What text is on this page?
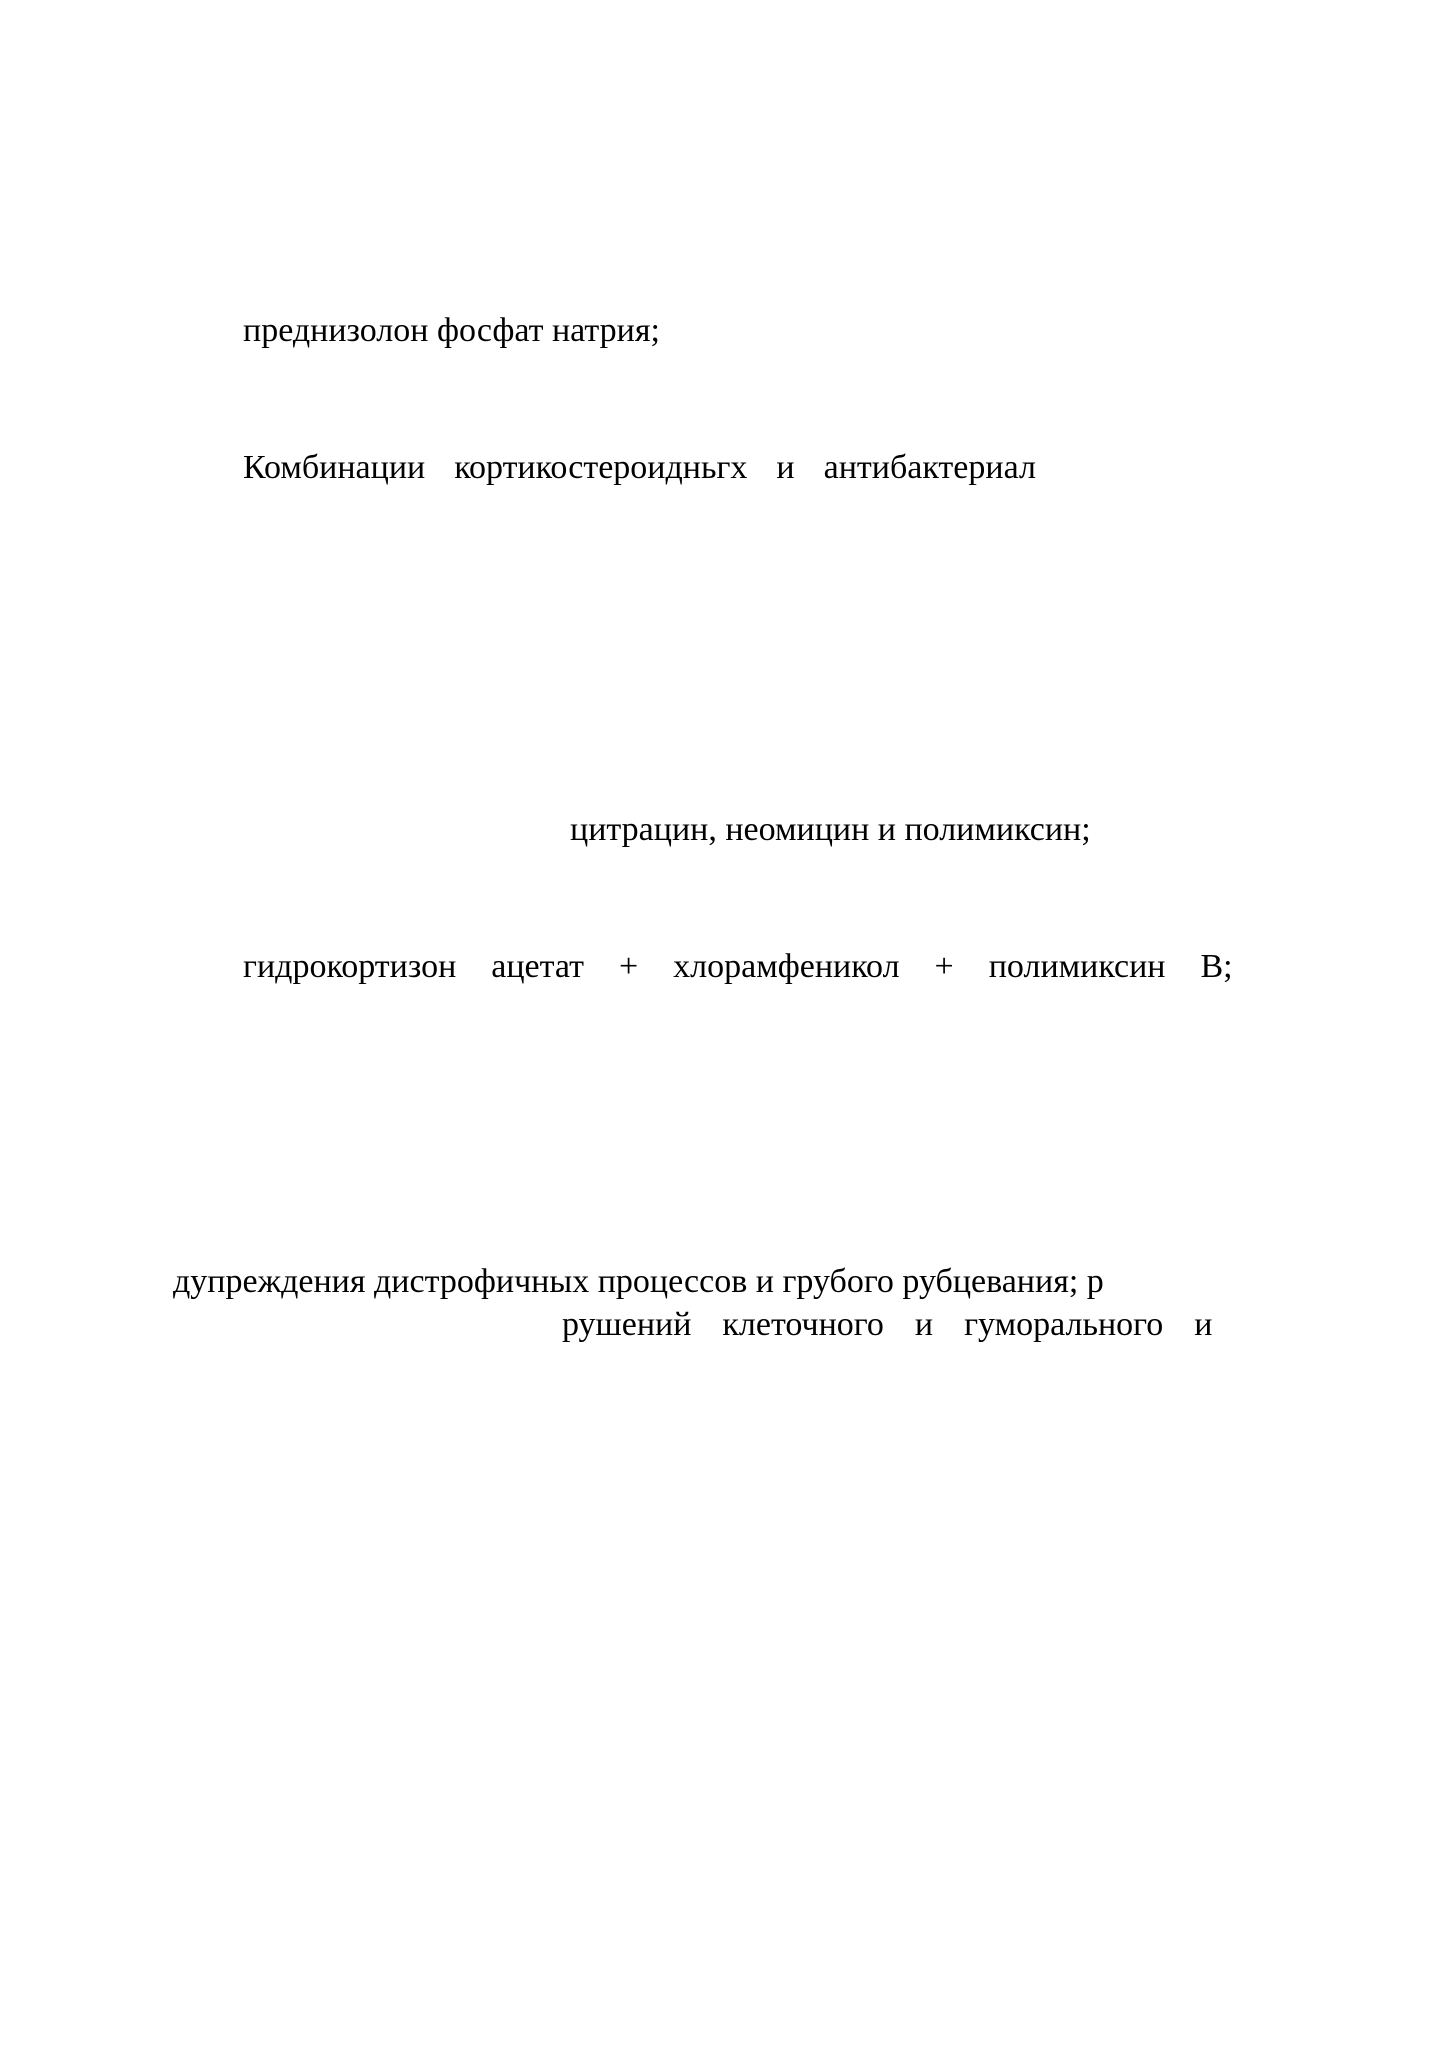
преднизолон фосфат натрия;

Комбинации  кортикостероидньгх  и  антибактериал

цитрацин, неомицин и полимиксин;

гидрокортизон  ацетат  +  хлорамфеникол  +  полимиксин  В;

дупреждения дистрофичных процессов и грубого рубцевания; р

рушений  клеточного  и  гуморального  и
